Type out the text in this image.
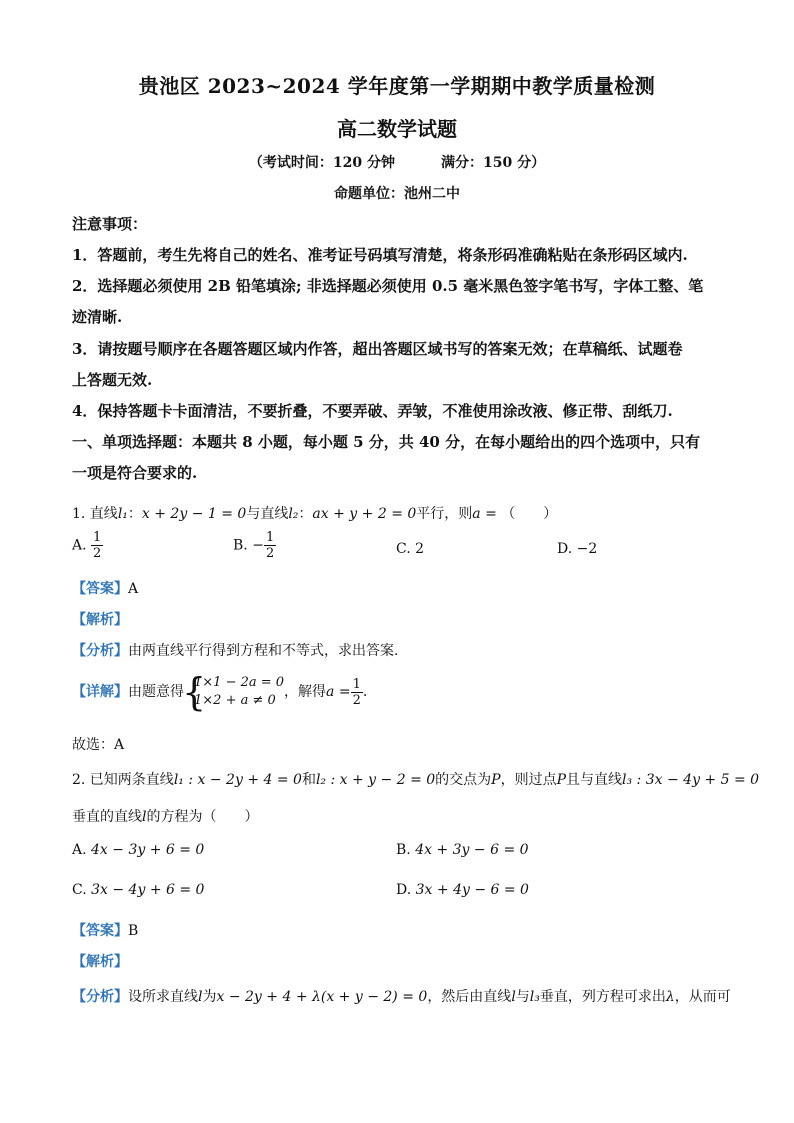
贵池区 2023~2024 学年度第一学期期中教学质量检测
高二数学试题
（考试时间：120 分钟	满分：150 分）
命题单位：池州二中
注意事项：
1．答题前，考生先将自己的姓名、准考证号码填写清楚，将条形码准确粘贴在条形码区域内.
2．选择题必须使用 2B 铅笔填涂; 非选择题必须使用 0.5 毫米黑色签字笔书写，字体工整、笔
迹清晰.
3．请按题号顺序在各题答题区域内作答，超出答题区域书写的答案无效；在草稿纸、试题卷
上答题无效.
4．保持答题卡卡面清洁，不要折叠，不要弄破、弄皱，不准使用涂改液、修正带、刮纸刀.
一、单项选择题：本题共 8 小题，每小题 5 分，共 40 分，在每小题给出的四个选项中，只有
一项是符合要求的.
1. 直线l₁：x + 2y − 1 = 0与直线l₂：ax + y + 2 = 0平行，则a = （　　）
A. $\frac{1}{2}$	B. − $\frac{1}{2}$	C. 2	D. −2
【答案】A
【解析】
【分析】由两直线平行得到方程和不等式，求出答案.
【详解】由题意得
{
1×1 − 2a = 0
1×2 + a ≠ 0
，解得$a = \frac{1}{2}$ .
故选：A
2. 已知两条直线l₁ : x − 2y + 4 = 0和l₂ : x + y − 2 = 0的交点为P，则过点P且与直线l₃ : 3x − 4y + 5 = 0
垂直的直线l的方程为（　　）
A. 4x − 3y + 6 = 0	B. 4x + 3y − 6 = 0
C. 3x − 4y + 6 = 0	D. 3x + 4y − 6 = 0
【答案】B
【解析】
【分析】设所求直线l为x − 2y + 4 + λ(x + y − 2) = 0，然后由直线l与l₃垂直，列方程可求出λ，从而可
